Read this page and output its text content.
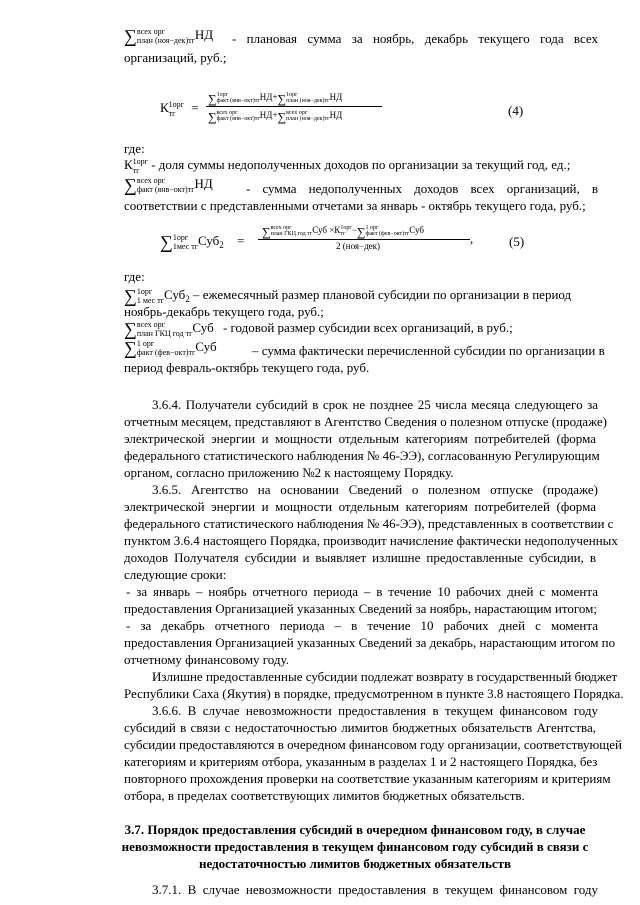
∑ всех орг
план (ноя−дек)тг НД - плановая сумма за ноябрь, декабрь текущего года всех
организаций, руб.;
К 1орг
тг	=
∑ 1орг
факт (янв−окт)тг НД+∑ 1орг
план (ноя−дек)тг НД
∑ всех орг
факт (янв−окт)тг НД+∑ всех орг
план (ноя−дек)тг НД	(4)
где:
К 1орг
тг - доля суммы недополученных доходов по организации за текущий год, ед.;
∑ всех орг
факт (янв−окт)тг НД	- сумма недополученных доходов всех организаций, в
соответствии с представленными отчетами за январь - октябрь текущего года, руб.;
∑ 1орг
1мес тг Суб$_2$ =
∑ всех орг
план ГКЦ год тг Суб ×К 1орг
тг −∑ 1 орг
факт (фев−окт)тг Суб
2 (ноя−дек)	,	(5)
где:
∑ 1орг
1 мес тг Суб$_2$ – ежемесячный размер плановой субсидии по организации в период
ноябрь-декабрь текущего года, руб.;
∑ всех орг
план ГКЦ год тг Суб - годовой размер субсидии всех организаций, в руб.;
∑ 1 орг
факт (фев−окт)тг Суб	– сумма фактически перечисленной субсидии по организации в
период февраль-октябрь текущего года, руб.
3.6.4. Получатели субсидий в срок не позднее 25 числа месяца следующего за
отчетным месяцем, представляют в Агентство Сведения о полезном отпуске (продаже)
электрической энергии и мощности отдельным категориям потребителей (форма
федерального статистического наблюдения № 46-ЭЭ), согласованную Регулирующим
органом, согласно приложению №2 к настоящему Порядку.
3.6.5. Агентство на основании Сведений о полезном отпуске (продаже)
электрической энергии и мощности отдельным категориям потребителей (форма
федерального статистического наблюдения № 46-ЭЭ), представленных в соответствии с
пунктом 3.6.4 настоящего Порядка, производит начисление фактически недополученных
доходов Получателя субсидии и выявляет излишне предоставленные субсидии, в
следующие сроки:
- за январь – ноябрь отчетного периода – в течение 10 рабочих дней с момента
предоставления Организацией указанных Сведений за ноябрь, нарастающим итогом;
- за декабрь отчетного периода – в течение 10 рабочих дней с момента
предоставления Организацией указанных Сведений за декабрь, нарастающим итогом по
отчетному финансовому году.
Излишне предоставленные субсидии подлежат возврату в государственный бюджет
Республики Саха (Якутия) в порядке, предусмотренном в пункте 3.8 настоящего Порядка.
3.6.6. В случае невозможности предоставления в текущем финансовом году
субсидий в связи с недостаточностью лимитов бюджетных обязательств Агентства,
субсидии предоставляются в очередном финансовом году организации, соответствующей
категориям и критериям отбора, указанным в разделах 1 и 2 настоящего Порядка, без
повторного прохождения проверки на соответствие указанным категориям и критериям
отбора, в пределах соответствующих лимитов бюджетных обязательств.
3.7. Порядок предоставления субсидий в очередном финансовом году, в случае
невозможности предоставления в текущем финансовом году субсидий в связи с
недостаточностью лимитов бюджетных обязательств
3.7.1. В случае невозможности предоставления в текущем финансовом году
